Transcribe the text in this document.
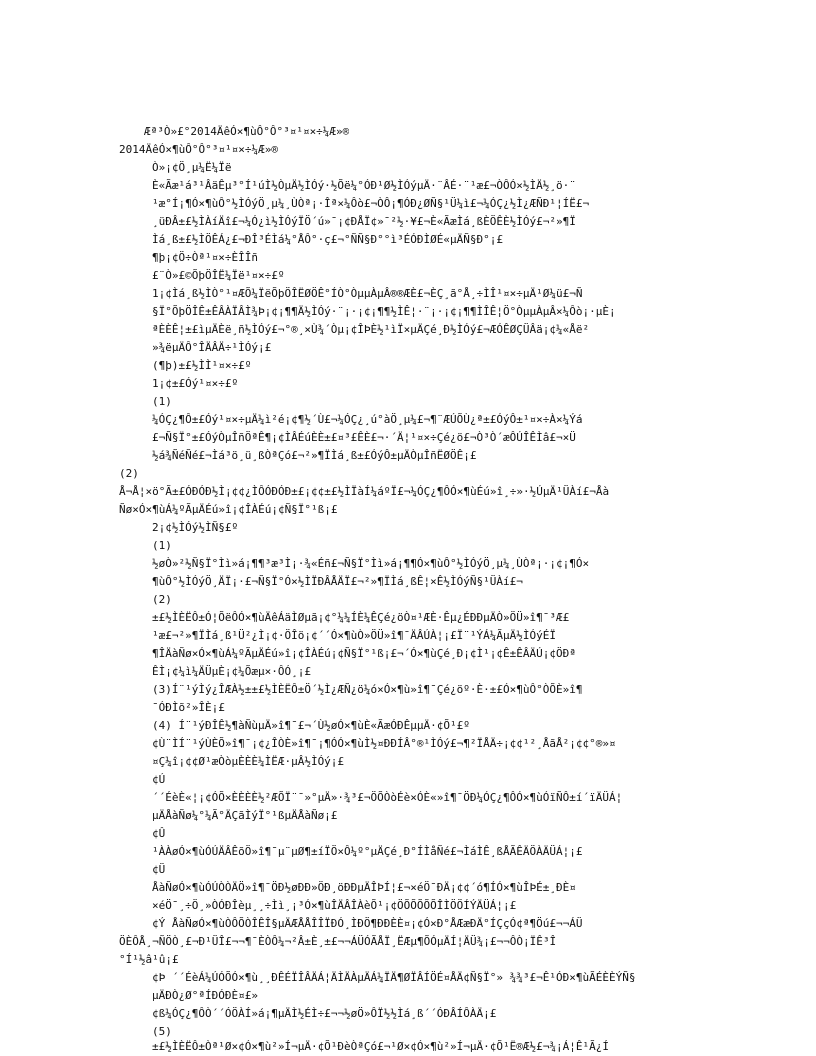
Æª³Ò»£°2014ÄêÓ×¶ùÔ°Ô°³¤¹¤×÷¼Æ»®
2014ÄêÓ×¶ùÔ°Ô°³¤¹¤×÷¼Æ»®
Ò»¡¢Ö¸µ¼Ë¼Ïë
È«Ãæ¹á³¹ÂäÊµ³°Í¹úÌ½ÒµÄ½ÌÓý·½Õë¼°ÓÐ¹Ø½ÌÓýµÄ·¨ÂÉ·¨¹æ£¬ÒÔÓ×½ÌÄ½¸ö·¨
¹æ°Í¡¶Ó×¶ùÔ°½ÌÓýÖ¸µ¼¸ÙÒª¡·Îª×¼Ôò£¬ÒÔ¡¶ÓÐ¿ØÑ§¹Ü¼ì£¬¼ÓÇ¿½Ì¿ÆÑÐ¹¦ÍË£¬
¸üÐÂ±£½ÌÀíÄî£¬¼Ó¿ì½ÌÓýÏÖ´ú»¯¡¢ÐÅÏ¢»¯²½·¥£¬È«ÃæÌá¸ßÈÖÊÈ½ÌÓý£¬²»¶Ï
Ìá¸ß±£½ÌÖÊÁ¿£¬ÐÎ³ÉÌá¼°ÅÔ°·ç£¬°ÑÑ§Ð°°ì³ÉÓÐÌØÉ«µÄÑ§Ð°¡£
¶þ¡¢Ö÷Òª¹¤×÷ÈÎÎñ
£¨Ò»£©ÕþÖÎË¼Ïë¹¤×÷£º
1¡¢Ìá¸ß½ÌÒ°¹¤ÆÕ¼ÏëÕþÖÎËØÖÊ°ÍÒ°ÒµµÀµÂ®®ÆÈ£¬ÈÇ¸ã°Å¸÷ÌÎ¹¤×÷µÄ¹Ø¼ü£¬Ñ
§Ï°ÕþÖÎÊ±ÊÂÀÏÂÌ¾Þ¡¢¡¶¶Ä½ÌÓý·¨¡·¡¢¡¶¶½ÌÊ¦·¨¡·¡¢¡¶¶ÌÎÊ¦Ö°ÒµµÀµÂ×¼Ôò¡·µÈ¡
ªÈÈÊ¦±£ìµÄÈë¸ñ½ÌÓý£¬°®¸×Ù¾´Òµ¡¢ÎÞÈ½¹ìÏ×µÄÇé¸Ð½ÌÓý£¬ÆÓÊØÇÜÂä¡¢¼«Åë²
»¾ëµÄÔ°ÎÄÂÄ÷¹ÌÓý¡£
(¶þ)±£½ÌÌ¹¤×÷£º
1¡¢±£Óý¹¤×÷£º
(1)
¼ÓÇ¿¶Ô±£Óý¹¤×÷µÄ¼ì²é¡¢¶½´Ù£¬¼ÓÇ¿¸ú°àÖ¸µ¼£¬¶¨ÆÚÕÙ¿ª±£ÓýÔ±¹¤×÷À×¼Ýá
£¬Ñ§Ï°±£ÓýÒµÎñÖªÊ¶¡¢ÌÂÉúÈÈ±£¤³£ÊÈ£¬·´Ä¦¹¤×÷Çé¿ö£¬Ò³Ò´æÔÚÎÊÌâ£¬×Ü
½á¾ÑéÑé£¬Ìá³ö¸ü¸ßÒªÇó£¬²»¶ÏÌá¸ß±£ÓýÔ±µÄÒµÎñËØÖÊ¡£
(2)
Å¬Å¦×ö°Ã±£ÓÐÓÐ½Ì¡¢¢¿ÌÔÓÐÓÐ±£¡¢¢±£½ÌÏàÍ¼áºÏ£¬¼ÓÇ¿¶ÔÓ×¶ùÉú»î¸÷»·½ÚµÄ¹ÜÀí£¬Åà
Ñø×Ó×¶ùÁ¼ºÃµÄÉú»î¡¢ÎÀÉú¡¢Ñ§Ï°¹ß¡£
2¡¢½ÌÓý½ÌÑ§£º
(1)
½øÒ»²½Ñ§Ï°Ìì»á¡¶¶³æ³Ì¡·¾«Éñ£¬Ñ§Ï°Ìì»á¡¶¶Ó×¶ùÔ°½ÌÓýÖ¸µ¼¸ÙÒª¡·¡¢¡¶Ó×
¶ùÔ°½ÌÓýÖ¸ÄÏ¡·£¬Ñ§Ï°Ó×½ÌÏÐÂÅÄÏ£¬²»¶ÏÌá¸ßÊ¦×Ê½ÌÓýÑ§¹ÜÀí£¬
(2)
±£½ÌÈËÔ±Ó¦ÕëÔÓ×¶ùÄêÁäÌØµã¡¢°¼¼ÍÈ¼ÊÇé¿öÒ¤¹ÆÈ·Êµ¿ÉÐÐµÄÒ»ÖÜ»î¶¯³Æ£
¹æ£¬²»¶ÏÌá¸ß¹Ü²¿Ì¡¢·ÖÎö¡¢´´Ó×¶ùÒ»ÖÜ»î¶¯ÄÂÚÀ¦¡£Ï¨¹ÝÁ¼ÃµÄ½ÌÓýÉÏ
¶ÎÄàÑø×Ó×¶ùÁ¼ºÃµÄÉú»î¡¢ÎÀÉú¡¢Ñ§Ï°¹ß¡£¬´Ó×¶ùÇé¸Ð¡¢Ì¹¡¢Ê±ÊÂÄÚ¡¢ÖÐª
ÊÌ¡¢¼ì¼ÄÜµÈ¡¢¼Õæµ×·ÔÓ¸¡£
(3)Í¨¹ýÌý¿ÎÆÀ½±±£½ÌÈËÔ±Ö´½Ì¿ÆÑ¿ö¼ó×Ó×¶ù»î¶¯Çé¿öº·È·±£Ó×¶ùÔ°ÒÕÈ»î¶
¯ÓÐÌõ²»ÎÈ¡£
(4) Í¨¹ýÐÎÊ½¶àÑùµÄ»î¶¯£¬´Ù½øÓ×¶ùÈ«ÃæÓÐÊµµÄ·¢Õ¹£º
¢Ù¨ÌÍ¨¹ýÙÈÕ»î¶¯¡¢¿ÎÒÈ»î¶¯¡¶ÓÓ×¶ùÌ½¤ÐÐÍÂ°®¹ÌÓý£¬¶²ÏÅÄ÷¡¢¢¹²¸ÅãÅ²¡¢¢°®»¤
¤Ç¼î¡¢¢Ø¹æÒòµÈÈÈ¼ÌËÆ·µÂ½ÌÓý¡£
¢Ú
´´ÉèÈ«¦¡¢ÓÕ×ÈÈÈÈ½²ÆÕÏ¨¯»°µÄ»·¾³£¬ÖÕÒòÉè×ÓÈ«»î¶¯ÖÐ¼ÓÇ¿¶ÔÓ×¶ùÓïÑÔ±í´ïÄÜÁ¦
µÄÅàÑø¼°¼Ã°ÄÇãÌýÏ°¹ßµÄÅàÑø¡£
¢Û
¹ÀÀøÓ×¶ùÓÚÄÂÊõÖ»î¶¯µ¨µØ¶±íÏÖ×Ô¼º°µÄÇé¸Ð°ÍÌåÑé£¬ÌáÌÊ¸ßÅÃÊÄÖÀÄÜÁ¦¡£
¢Ü
ÅàÑøÓ×¶ùÓÚÒÒÄÖ»î¶¯ÖÐ½øÐÐ»ÖÐ¸öÐÐµÄÎÞÍ¦£¬×éÖ¯ÐÄ¡¢¢´ó¶ÍÓ×¶ùÎÞÉ±¸ÐÈ¤
×éÖ¯¸÷Ö¸»ÒÓÐÎèµ¸¸÷Ìì¸¡³Ó×¶ùÎÄÂÎÀèÕ¹¡¢ÖÕÕÕÕÕÎÌÖÖÍÝÄÜÁ¦¡£
¢Ý ÅàÑøÓ×¶ùÒÔÕÒÎÊÎ§µÄÆÅÅÎÎÏÐÓ¸ÌÐÖ¶ÐÐÈÈ¤¡¢Ó×Ð°ÅÆæÐÄ°ÍÇçÓ¢ª¶Öú£¬¬ÁÜ
ÖÈÔÅ¸¬ÑÖÒ¸£¬Ð¹ÜÎ£¬¬¶¯ÈÒÔ¼¬²Â±È¸±£¬¬ÁÜÓÃÅÏ¸ËÆµ¶ÕÓµÄÍ¦ÄÜ¾¡£¬¬ÔÒ¡ÏÊ³Î
°Í¹½â¹û¡£
¢Þ ´´ÉèÁ¼ÚÓÕÓ×¶ù¸¸ÐÊÉÏÎÂÄÁ¦ÄÌÄÀµÄÁ¼ÏÄ¶ØÏÂÍÖÉ¤ÅÄ¢Ñ§Ï°» ¾¾³£¬Ê¹ÓÐ×¶ùÃÉÈÈÝÑ§
µÄÐÒ¿Ø°ªÍÐÓÐÈ¤£»
¢ß¼ÓÇ¿¶ÔÒ´´ÓÖÀÍ»á¡¶µÄÌ½ÉÌ÷£¬¬½øÖ»ÔÏ½½Ìá¸ß´´ÓÐÂÍÔÀÄ¡£
(5)
±£½ÌÈËÔ±Òª¹Ø×¢Ó×¶ù²»Í¬µÄ·¢Õ¹ÐèÒªÇó£¬¹Ø×¢Ó×¶ù²»Í¬µÄ·¢Õ¹Ë®Æ½£¬¾¡Á¦Ê¹Ã¿Í
